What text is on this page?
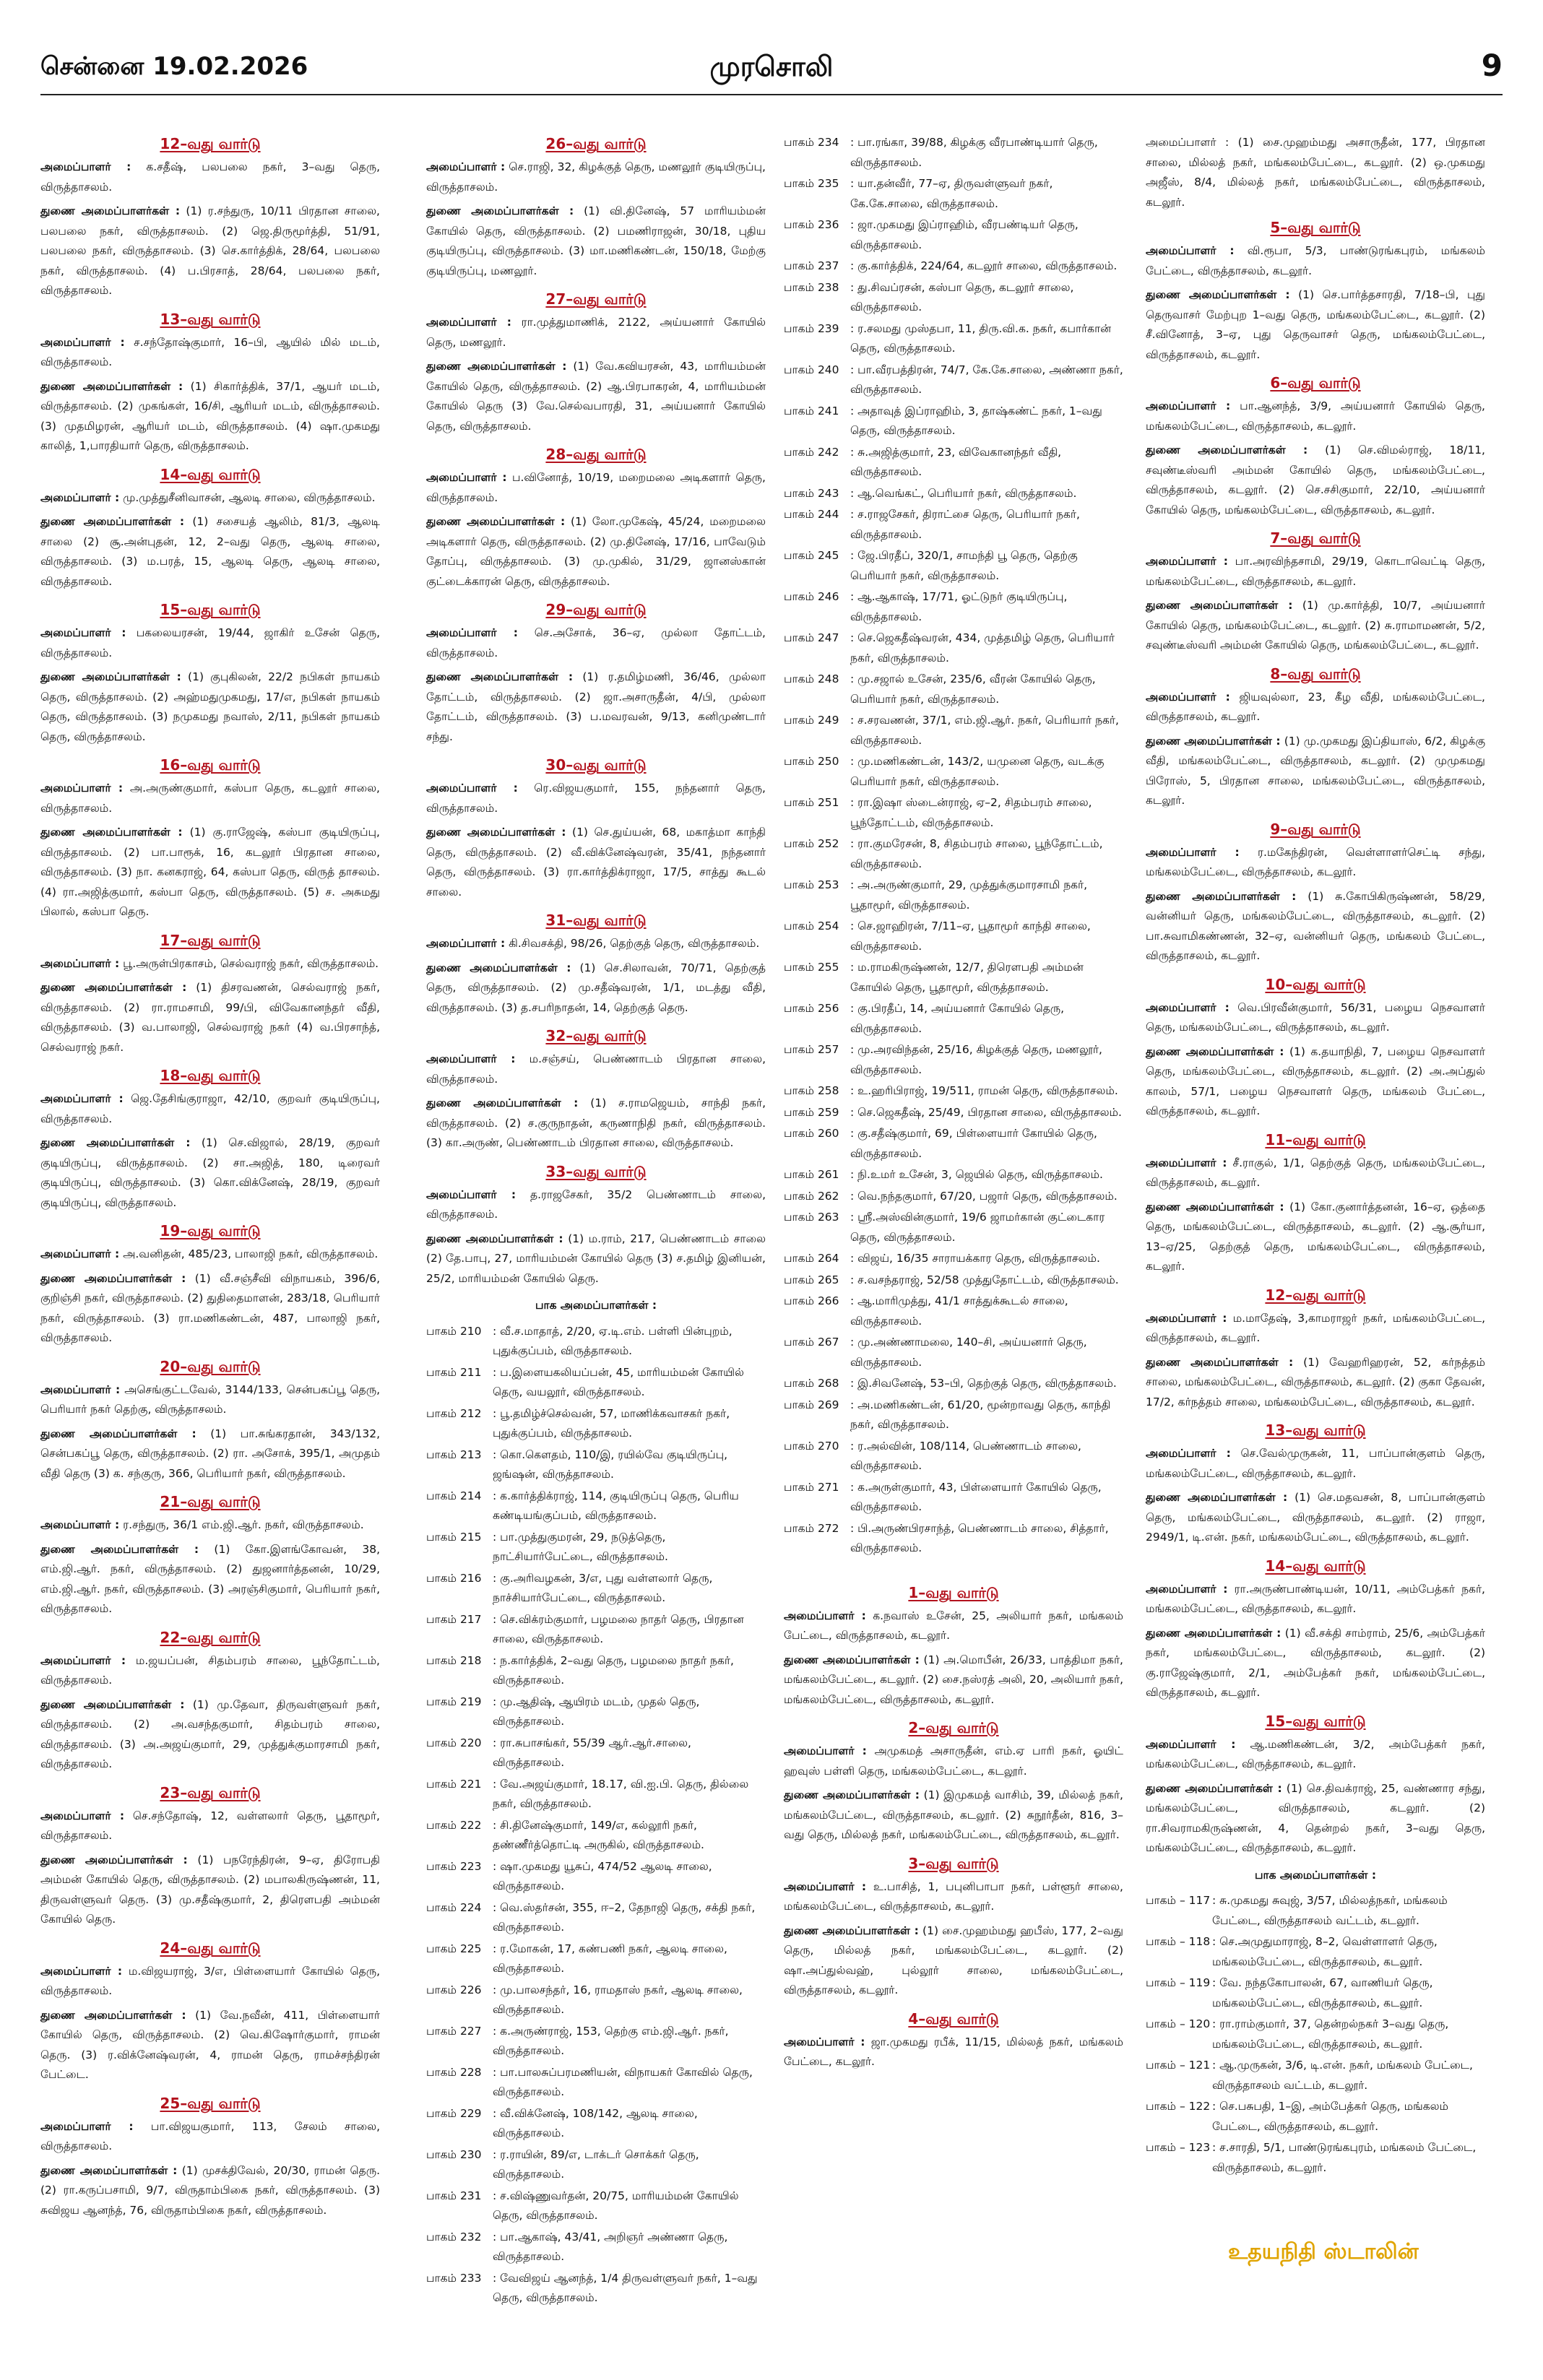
சென்னை 19.02.2026	முரசொலி	9
12–வது வார்டு
அமைப்பாளர் : க.சதீஷ், பலபலை நகர், 3–வது தெரு, விருத்தாசலம்.
துணை அமைப்பாளர்கள் : (1) ர.சந்துரு, 10/11 பிரதான சாலை, பலபலை நகர், விருத்தாசலம். (2) ஜெ.திருமூர்த்தி, 51/91, பலபலை நகர், விருத்தாசலம். (3) செ.கார்த்திக், 28/64, பலபலை நகர், விருத்தாசலம். (4) ப.பிரசாத், 28/64, பலபலை நகர், விருத்தாசலம்.
13–வது வார்டு
அமைப்பாளர் : ச.சந்தோஷ்குமார், 16–பி, ஆயில் மில் மடம், விருத்தாசலம்.
துணை அமைப்பாளர்கள் : (1) சிகார்த்திக், 37/1, ஆயர் மடம், விருத்தாசலம். (2) முகங்கள், 16/சி, ஆரியர் மடம், விருத்தாசலம். (3) முதமிழரன், ஆரியர் மடம், விருத்தாசலம். (4) ஷா.முகமது காலித், 1,பாரதியார் தெரு, விருத்தாசலம்.
14–வது வார்டு
அமைப்பாளர் : மு.முத்துசீனிவாசன், ஆலடி சாலை, விருத்தாசலம்.
துணை அமைப்பாளர்கள் : (1) சசையத் ஆலிம், 81/3, ஆலடி சாலை (2) சூ.அன்புதன், 12, 2–வது தெரு, ஆலடி சாலை, விருத்தாசலம். (3) ம.பரத், 15, ஆலடி தெரு, ஆலடி சாலை, விருத்தாசலம்.
15–வது வார்டு
அமைப்பாளர் : பகலையரசன், 19/44, ஜாகிர் உசேன் தெரு, விருத்தாசலம்.
துணை அமைப்பாளர்கள் : (1) குபுகிலன், 22/2 நபிகள் நாயகம் தெரு, விருத்தாசலம். (2) அஹ்மதுமுகமது, 17/எ, நபிகள் நாயகம் தெரு, விருத்தாசலம். (3) நமுகமது நவாஸ், 2/11, நபிகள் நாயகம் தெரு, விருத்தாசலம்.
16–வது வார்டு
அமைப்பாளர் : அ.அருண்குமார், கஸ்பா தெரு, கடலூர் சாலை, விருத்தாசலம்.
துணை அமைப்பாளர்கள் : (1) கு.ராஜேஷ், கஸ்பா குடியிருப்பு, விருத்தாசலம். (2) பா.பாரூக், 16, கடலூர் பிரதான சாலை, விருத்தாசலம். (3) நா. கனகராஜ், 64, கஸ்பா தெரு, விருத் தாசலம். (4) ரா.அஜித்குமார், கஸ்பா தெரு, விருத்தாசலம். (5) ச. அசுமது பிலால், கஸ்பா தெரு.
17–வது வார்டு
அமைப்பாளர் : பூ.அருள்பிரகாசம், செல்வராஜ் நகர், விருத்தாசலம்.
துணை அமைப்பாளர்கள் : (1) திசரவணன், செல்வராஜ் நகர், விருத்தாசலம். (2) ரா.ராமசாமி, 99/பி, விவேகானந்தர் வீதி, விருத்தாசலம். (3) வ.பாலாஜி, செல்வராஜ் நகர் (4) வ.பிரசாந்த், செல்வராஜ் நகர்.
18–வது வார்டு
அமைப்பாளர் : ஜெ.தேசிங்குராஜா, 42/10, குறவர் குடியிருப்பு, விருத்தாசலம்.
துணை அமைப்பாளர்கள் : (1) செ.விஜால், 28/19, குறவர் குடியிருப்பு, விருத்தாசலம். (2) சா.அஜித், 180, டிரைவர் குடியிருப்பு, விருத்தாசலம். (3) கொ.விக்னேஷ், 28/19, குறவர் குடியிருப்பு, விருத்தாசலம்.
19–வது வார்டு
அமைப்பாளர் : அ.வனிதன், 485/23, பாலாஜி நகர், விருத்தாசலம்.
துணை அமைப்பாளர்கள் : (1) வீ.சஞ்சீவி விநாயகம், 396/6, குறிஞ்சி நகர், விருத்தாசலம். (2) துதிதைமாளன், 283/18, பெரியார் நகர், விருத்தாசலம். (3) ரா.மணிகண்டன், 487, பாலாஜி நகர், விருத்தாசலம்.
20–வது வார்டு
அமைப்பாளர் : அசெங்குட்டவேல், 3144/133, சென்பகப்பூ தெரு, பெரியார் நகர் தெற்கு, விருத்தாசலம்.
துணை அமைப்பாளர்கள் : (1) பா.சுங்கரதான், 343/132, சென்பகப்பூ தெரு, விருத்தாசலம். (2) ரா. அசோக், 395/1, அமுதம் வீதி தெரு (3) க. சந்குரு, 366, பெரியார் நகர், விருத்தாசலம்.
21–வது வார்டு
அமைப்பாளர் : ர.சந்துரு, 36/1 எம்.ஜி.ஆர். நகர், விருத்தாசலம்.
துணை அமைப்பாளர்கள் : (1) கோ.இளங்கோவன், 38, எம்.ஜி.ஆர். நகர், விருத்தாசலம். (2) துஜனார்த்தனன், 10/29, எம்.ஜி.ஆர். நகர், விருத்தாசலம். (3) அரஞ்சிகுமார், பெரியார் நகர், விருத்தாசலம்.
22–வது வார்டு
அமைப்பாளர் : ம.ஜயப்பன், சிதம்பரம் சாலை, பூந்தோட்டம், விருத்தாசலம்.
துணை அமைப்பாளர்கள் : (1) மு.தேவா, திருவள்ளுவர் நகர், விருத்தாசலம். (2) அ.வசந்தகுமார், சிதம்பரம் சாலை, விருத்தாசலம். (3) அ.அஜய்குமார், 29, முத்துக்குமாரசாமி நகர், விருத்தாசலம்.
23–வது வார்டு
அமைப்பாளர் : செ.சந்தோஷ், 12, வள்ளலார் தெரு, பூதாமூர், விருத்தாசலம்.
துணை அமைப்பாளர்கள் : (1) பநரேந்திரன், 9–ஏ, திரோபதி அம்மன் கோயில் தெரு, விருத்தாசலம். (2) மபாலகிருஷ்ணன், 11, திருவள்ளுவர் தெரு. (3) மு.சதீஷ்குமார், 2, திரௌபதி அம்மன் கோயில் தெரு.
24–வது வார்டு
அமைப்பாளர் : ம.விஜயராஜ், 3/எ, பிள்ளையார் கோயில் தெரு, விருத்தாசலம்.
துணை அமைப்பாளர்கள் : (1) வே.நவீன், 411, பிள்ளையார் கோயில் தெரு, விருத்தாசலம். (2) வெ.கிஷோர்குமார், ராமன் தெரு. (3) ர.விக்னேஷ்வரன், 4, ராமன் தெரு, ராமச்சந்திரன் பேட்டை.
25–வது வார்டு
அமைப்பாளர் : பா.விஜயகுமார், 113, சேலம் சாலை, விருத்தாசலம்.
துணை அமைப்பாளர்கள் : (1) முசக்திவேல், 20/30, ராமன் தெரு. (2) ரா.கருப்பசாமி, 9/7, விருதாம்பிகை நகர், விருத்தாசலம். (3) சுவிஜய ஆனந்த், 76, விருதாம்பிகை நகர், விருத்தாசலம்.
26–வது வார்டு
அமைப்பாளர் : செ.ராஜி, 32, கிழக்குத் தெரு, மணலூர் குடியிருப்பு, விருத்தாசலம்.
துணை அமைப்பாளர்கள் : (1) வி.தினேஷ், 57 மாரியம்மன் கோயில் தெரு, விருத்தாசலம். (2) பமணிராஜன், 30/18, புதிய குடியிருப்பு, விருத்தாசலம். (3) மா.மணிகண்டன், 150/18, மேற்கு குடியிருப்பு, மணலூர்.
27–வது வார்டு
அமைப்பாளர் : ரா.முத்துமாணிக், 2122, அய்யனார் கோயில் தெரு, மணலூர்.
துணை அமைப்பாளர்கள் : (1) வே.கவியரசன், 43, மாரியம்மன் கோயில் தெரு, விருத்தாசலம். (2) ஆ.பிரபாகரன், 4, மாரியம்மன் கோயில் தெரு (3) வே.செல்வபாரதி, 31, அய்யனார் கோயில் தெரு, விருத்தாசலம்.
28–வது வார்டு
அமைப்பாளர் : ப.வினோத், 10/19, மறைமலை அடிகளார் தெரு, விருத்தாசலம்.
துணை அமைப்பாளர்கள் : (1) லோ.முகேஷ், 45/24, மறைமலை அடிகளார் தெரு, விருத்தாசலம். (2) மு.தினேஷ், 17/16, பாவேடும் தோப்பு, விருத்தாசலம். (3) மு.முகில், 31/29, ஜானஸ்கான் குட்டைக்காரன் தெரு, விருத்தாசலம்.
29–வது வார்டு
அமைப்பாளர் : செ.அசோக், 36–ஏ, முல்லா தோட்டம், விருத்தாசலம்.
துணை அமைப்பாளர்கள் : (1) ர.தமிழ்மணி, 36/46, முல்லா தோட்டம், விருத்தாசலம். (2) ஜா.அசாருதீன், 4/பி, முல்லா தோட்டம், விருத்தாசலம். (3) ப.மவரவன், 9/13, கனிமுண்டார் சந்து.
30–வது வார்டு
அமைப்பாளர் : ரெ.விஜயகுமார், 155, நந்தனார் தெரு, விருத்தாசலம்.
துணை அமைப்பாளர்கள் : (1) செ.துய்யன், 68, மகாத்மா காந்தி தெரு, விருத்தாசலம். (2) வீ.விக்னேஷ்வரன், 35/41, நந்தனார் தெரு, விருத்தாசலம். (3) ரா.கார்த்திக்ராஜா, 17/5, சாத்து கூடல் சாலை.
31–வது வார்டு
அமைப்பாளர் : கி.சிவசக்தி, 98/26, தெற்குத் தெரு, விருத்தாசலம்.
துணை அமைப்பாளர்கள் : (1) செ.சிலாவன், 70/71, தெற்குத் தெரு, விருத்தாசலம். (2) மு.சதீஷ்வரன், 1/1, மடத்து வீதி, விருத்தாசலம். (3) த.சபரிநாதன், 14, தெற்குத் தெரு.
32–வது வார்டு
அமைப்பாளர் : ம.சஞ்சய், பெண்ணாடம் பிரதான சாலை, விருத்தாசலம்.
துணை அமைப்பாளர்கள் : (1) ச.ராமஜெயம், சாந்தி நகர், விருத்தாசலம். (2) ச.குருநாதன், கருணாநிதி நகர், விருத்தாசலம். (3) கா.அருண், பெண்ணாடம் பிரதான சாலை, விருத்தாசலம்.
33–வது வார்டு
அமைப்பாளர் : த.ராஜசேகர், 35/2 பெண்ணாடம் சாலை, விருத்தாசலம்.
துணை அமைப்பாளர்கள் : (1) ம.ராம், 217, பெண்ணாடம் சாலை (2) தே.பாபு, 27, மாரியம்மன் கோயில் தெரு (3) ச.தமிழ் இனியன், 25/2, மாரியம்மன் கோயில் தெரு.
பாக அமைப்பாளர்கள் :
பாகம் 210 : வீ.ச.மாதாத், 2/20, ஏ.டி.எம். பள்ளி பின்புறம், புதுக்குப்பம், விருத்தாசலம்.
பாகம் 211 : ப.இளையகலியப்பன், 45, மாரியம்மன் கோயில் தெரு, வயலூர், விருத்தாசலம்.
பாகம் 212 : பூ.தமிழ்ச்செல்வன், 57, மாணிக்கவாசகர் நகர், புதுக்குப்பம், விருத்தாசலம்.
பாகம் 213 : கொ.கௌதம், 110/இ, ரயில்வே குடியிருப்பு, ஜங்ஷன், விருத்தாசலம்.
பாகம் 214 : க.கார்த்திக்ராஜ், 114, குடியிருப்பு தெரு, பெரிய கண்டியங்குப்பம், விருத்தாசலம்.
பாகம் 215 : பா.முத்துகுமரன், 29, நடுத்தெரு, நாட்சியார்பேட்டை, விருத்தாசலம்.
பாகம் 216 : கு.அரிவழகன், 3/எ, புது வள்ளலார் தெரு, நாச்சியார்பேட்டை, விருத்தாசலம்.
பாகம் 217 : செ.விக்ரம்குமார், பழமலை நாதர் தெரு, பிரதான சாலை, விருத்தாசலம்.
பாகம் 218 : ந.கார்த்திக், 2–வது தெரு, பழமலை நாதர் நகர், விருத்தாசலம்.
பாகம் 219 : மு.ஆதிஷ், ஆயிரம் மடம், முதல் தெரு, விருத்தாசலம்.
பாகம் 220 : ரா.சுபாசங்கர், 55/39 ஆர்.ஆர்.சாலை, விருத்தாசலம்.
பாகம் 221 : வே.அஜய்குமார், 18.17, வி.ஐ.பி. தெரு, தில்லை நகர், விருத்தாசலம்.
பாகம் 222 : சி.தினேஷ்குமார், 149/எ, கல்லூரி நகர், தண்ணீர்த்தொட்டி அருகில், விருத்தாசலம்.
பாகம் 223 : ஷா.முகமது யூசுப், 474/52 ஆலடி சாலை, விருத்தாசலம்.
பாகம் 224 : வெ.ஸ்தர்சன், 355, ஈ–2, தேநாஜி தெரு, சக்தி நகர், விருத்தாசலம்.
பாகம் 225 : ர.மோகன், 17, கண்பணி நகர், ஆலடி சாலை, விருத்தாசலம்.
பாகம் 226 : மு.பாலசந்தர், 16, ராமதாஸ் நகர், ஆலடி சாலை, விருத்தாசலம்.
பாகம் 227 : க.அருண்ராஜ், 153, தெற்கு எம்.ஜி.ஆர். நகர், விருத்தாசலம்.
பாகம் 228 : பா.பாலசுப்பரமணியன், விநாயகர் கோவில் தெரு, விருத்தாசலம்.
பாகம் 229 : வீ.விக்னேஷ், 108/142, ஆலடி சாலை, விருத்தாசலம்.
பாகம் 230 : ர.ராயின், 89/எ, டாக்டர் சொக்கர் தெரு, விருத்தாசலம்.
பாகம் 231 : ச.விஷ்ணுவர்தன், 20/75, மாரியம்மன் கோயில் தெரு, விருத்தாசலம்.
பாகம் 232 : பா.ஆகாஷ், 43/41, அறிஞர் அண்ணா தெரு, விருத்தாசலம்.
பாகம் 233 : வேவிஜய் ஆனந்த், 1/4 திருவள்ளுவர் நகர், 1–வது தெரு, விருத்தாசலம்.
பாகம் 234 : பா.ரங்கா, 39/88, கிழக்கு வீரபாண்டியார் தெரு, விருத்தாசலம்.
பாகம் 235 : யா.தன்வீர், 77–ஏ, திருவள்ளுவர் நகர், கே.கே.சாலை, விருத்தாசலம்.
பாகம் 236 : ஜா.முகமது இப்ராஹிம், வீரபண்டியர் தெரு, விருத்தாசலம்.
பாகம் 237 : கு.கார்த்திக், 224/64, கடலூர் சாலை, விருத்தாசலம்.
பாகம் 238 : து.சிவப்ரசன், கஸ்பா தெரு, கடலூர் சாலை, விருத்தாசலம்.
பாகம் 239 : ர.சலமது முஸ்தபா, 11, திரு.வி.க. நகர், கபார்கான் தெரு, விருத்தாசலம்.
பாகம் 240 : பா.வீரபத்திரன், 74/7, கே.கே.சாலை, அண்ணா நகர், விருத்தாசலம்.
பாகம் 241 : அதாவுத் இப்ராஹிம், 3, தாஷ்கண்ட் நகர், 1–வது தெரு, விருத்தாசலம்.
பாகம் 242 : சு.அஜித்குமார், 23, விவேகானந்தர் வீதி, விருத்தாசலம்.
பாகம் 243 : ஆ.வெங்கட், பெரியார் நகர், விருத்தாசலம்.
பாகம் 244 : ச.ராஜசேகர், திராட்சை தெரு, பெரியார் நகர், விருத்தாசலம்.
பாகம் 245 : ஜே.பிரதீப், 320/1, சாமந்தி பூ தெரு, தெற்கு பெரியார் நகர், விருத்தாசலம்.
பாகம் 246 : ஆ.ஆகாஷ், 17/71, ஓட்டுநர் குடியிருப்பு, விருத்தாசலம்.
பாகம் 247 : செ.ஜெகதீஷ்வரன், 434, முத்தமிழ் தெரு, பெரியார் நகர், விருத்தாசலம்.
பாகம் 248 : மு.சஜால் உசேன், 235/6, வீரன் கோயில் தெரு, பெரியார் நகர், விருத்தாசலம்.
பாகம் 249 : ச.சரவணன், 37/1, எம்.ஜி.ஆர். நகர், பெரியார் நகர், விருத்தாசலம்.
பாகம் 250 : மு.மணிகண்டன், 143/2, யமுனை தெரு, வடக்கு பெரியார் நகர், விருத்தாசலம்.
பாகம் 251 : ரா.இஷா ஸ்டைன்ராஜ், ஏ–2, சிதம்பரம் சாலை, பூந்தோட்டம், விருத்தாசலம்.
பாகம் 252 : ரா.குமரேசன், 8, சிதம்பரம் சாலை, பூந்தோட்டம், விருத்தாசலம்.
பாகம் 253 : அ.அருண்குமார், 29, முத்துக்குமாரசாமி நகர், பூதாமூர், விருத்தாசலம்.
பாகம் 254 : செ.ஜாஹிரன், 7/11–ஏ, பூதாமூர் காந்தி சாலை, விருத்தாசலம்.
பாகம் 255 : ம.ராமகிருஷ்ணன், 12/7, திரௌபதி அம்மன் கோயில் தெரு, பூதாமூர், விருத்தாசலம்.
பாகம் 256 : கு.பிரதீப், 14, அய்யனார் கோயில் தெரு, விருத்தாசலம்.
பாகம் 257 : மு.அரவிந்தன், 25/16, கிழக்குத் தெரு, மணலூர், விருத்தாசலம்.
பாகம் 258 : உ.ஹரிபிராஜ், 19/511, ராமன் தெரு, விருத்தாசலம்.
பாகம் 259 : செ.ஜெகதீஷ், 25/49, பிரதான சாலை, விருத்தாசலம்.
பாகம் 260 : கு.சதீஷ்குமார், 69, பிள்ளையார் கோயில் தெரு, விருத்தாசலம்.
பாகம் 261 : நி.உமர் உசேன், 3, ஜெயில் தெரு, விருத்தாசலம்.
பாகம் 262 : வெ.நந்தகுமார், 67/20, பஜார் தெரு, விருத்தாசலம்.
பாகம் 263 : ஸ்ரீ.அஸ்வின்குமார், 19/6 ஜாமர்கான் குட்டைகார தெரு, விருத்தாசலம்.
பாகம் 264 : விஜய், 16/35 சாராயக்கார தெரு, விருத்தாசலம்.
பாகம் 265 : ச.வசந்தராஜ், 52/58 முத்துதோட்டம், விருத்தாசலம்.
பாகம் 266 : ஆ.மாரிமுத்து, 41/1 சாத்துக்கூடல் சாலை, விருத்தாசலம்.
பாகம் 267 : மு.அண்ணாமலை, 140–சி, அய்யனார் தெரு, விருத்தாசலம்.
பாகம் 268 : இ.சிவனேஷ், 53–பி, தெற்குத் தெரு, விருத்தாசலம்.
பாகம் 269 : அ.மணிகண்டன், 61/20, மூன்றாவது தெரு, காந்தி நகர், விருத்தாசலம்.
பாகம் 270 : ர.அல்வின், 108/114, பெண்ணாடம் சாலை, விருத்தாசலம்.
பாகம் 271 : க.அருள்குமார், 43, பிள்ளையார் கோயில் தெரு, விருத்தாசலம்.
பாகம் 272 : பி.அருண்பிரசாந்த், பெண்ணாடம் சாலை, சித்தார், விருத்தாசலம்.
1–வது வார்டு
அமைப்பாளர் : க.நவாஸ் உசேன், 25, அலியார் நகர், மங்கலம் பேட்டை, விருத்தாசலம், கடலூர்.
துணை அமைப்பாளர்கள் : (1) அ.மொபீன், 26/33, பாத்திமா நகர், மங்கலம்பேட்டை, கடலூர். (2) சை.நஸ்ரத் அலி, 20, அலியார் நகர், மங்கலம்பேட்டை, விருத்தாசலம், கடலூர்.
2–வது வார்டு
அமைப்பாளர் : அமுகமத் அசாருதீன், எம்.ஏ பாரி நகர், ஓயிட் ஹவுஸ் பள்ளி தெரு, மங்கலம்பேட்டை, கடலூர்.
துணை அமைப்பாளர்கள் : (1) இமுகமத் வாசிம், 39, மில்லத் நகர், மங்கலம்பேட்டை, விருத்தாசலம், கடலூர். (2) சுநூர்தீன், 816, 3–வது தெரு, மில்லத் நகர், மங்கலம்பேட்டை, விருத்தாசலம், கடலூர்.
3–வது வார்டு
அமைப்பாளர் : உ.பாசித், 1, பபுனிபாபா நகர், பள்ளூர் சாலை, மங்கலம்பேட்டை, விருத்தாசலம், கடலூர்.
துணை அமைப்பாளர்கள் : (1) சை.முஹம்மது ஹபீஸ், 177, 2–வது தெரு, மில்லத் நகர், மங்கலம்பேட்டை, கடலூர். (2) ஷா.அப்துல்வஹ், புல்லூர் சாலை, மங்கலம்பேட்டை, விருத்தாசலம், கடலூர்.
4–வது வார்டு
அமைப்பாளர் : ஜா.முகமது ரபீக், 11/15, மில்லத் நகர், மங்கலம் பேட்டை, கடலூர்.
அமைப்பாளர் : (1) சை.முஹம்மது அசாருதீன், 177, பிரதான சாலை, மில்லத் நகர், மங்கலம்பேட்டை, கடலூர். (2) ஒ.முகமது அஜீஸ், 8/4, மில்லத் நகர், மங்கலம்பேட்டை, விருத்தாசலம், கடலூர்.
5–வது வார்டு
அமைப்பாளர் : வி.ரூபா, 5/3, பாண்டுரங்கபுரம், மங்கலம் பேட்டை, விருத்தாசலம், கடலூர்.
துணை அமைப்பாளர்கள் : (1) செ.பார்த்தசாரதி, 7/18–பி, புது தெருவாசர் மேற்புற 1–வது தெரு, மங்கலம்பேட்டை, கடலூர். (2) சீ.வினோத், 3–ஏ, புது தெருவாசர் தெரு, மங்கலம்பேட்டை, விருத்தாசலம், கடலூர்.
6–வது வார்டு
அமைப்பாளர் : பா.ஆனந்த், 3/9, அய்யனார் கோயில் தெரு, மங்கலம்பேட்டை, விருத்தாசலம், கடலூர்.
துணை அமைப்பாளர்கள் : (1) செ.விமல்ராஜ், 18/11, சவுண்டீஸ்வரி அம்மன் கோயில் தெரு, மங்கலம்பேட்டை, விருத்தாசலம், கடலூர். (2) செ.சசிகுமார், 22/10, அய்யனார் கோயில் தெரு, மங்கலம்பேட்டை, விருத்தாசலம், கடலூர்.
7–வது வார்டு
அமைப்பாளர் : பா.அரவிந்தசாமி, 29/19, கொடாவெட்டி தெரு, மங்கலம்பேட்டை, விருத்தாசலம், கடலூர்.
துணை அமைப்பாளர்கள் : (1) மு.கார்த்தி, 10/7, அய்யனார் கோயில் தெரு, மங்கலம்பேட்டை, கடலூர். (2) சு.ராமாமணன், 5/2, சவுண்டீஸ்வரி அம்மன் கோயில் தெரு, மங்கலம்பேட்டை, கடலூர்.
8–வது வார்டு
அமைப்பாளர் : ஜியவுல்லா, 23, கீழ வீதி, மங்கலம்பேட்டை, விருத்தாசலம், கடலூர்.
துணை அமைப்பாளர்கள் : (1) மு.முகமது இப்தியாஸ், 6/2, கிழக்கு வீதி, மங்கலம்பேட்டை, விருத்தாசலம், கடலூர். (2) முமுகமது பிரோஸ், 5, பிரதான சாலை, மங்கலம்பேட்டை, விருத்தாசலம், கடலூர்.
9–வது வார்டு
அமைப்பாளர் : ர.மகேந்திரன், வெள்ளாளர்செட்டி சந்து, மங்கலம்பேட்டை, விருத்தாசலம், கடலூர்.
துணை அமைப்பாளர்கள் : (1) சு.கோபிகிருஷ்ணன், 58/29, வன்னியர் தெரு, மங்கலம்பேட்டை, விருத்தாசலம், கடலூர். (2) பா.சுவாமிகண்ணன், 32–ஏ, வன்னியர் தெரு, மங்கலம் பேட்டை, விருத்தாசலம், கடலூர்.
10–வது வார்டு
அமைப்பாளர் : வெ.பிரவீன்குமார், 56/31, பழைய நெசவாளர் தெரு, மங்கலம்பேட்டை, விருத்தாசலம், கடலூர்.
துணை அமைப்பாளர்கள் : (1) க.தயாநிதி, 7, பழைய நெசவாளர் தெரு, மங்கலம்பேட்டை, விருத்தாசலம், கடலூர். (2) அ.அப்துல் காலம், 57/1, பழைய நெசவாளர் தெரு, மங்கலம் பேட்டை, விருத்தாசலம், கடலூர்.
11–வது வார்டு
அமைப்பாளர் : சீ.ராகுல், 1/1, தெற்குத் தெரு, மங்கலம்பேட்டை, விருத்தாசலம், கடலூர்.
துணை அமைப்பாளர்கள் : (1) கோ.குனார்த்தனன், 16–ஏ, ஒத்தை தெரு, மங்கலம்பேட்டை, விருத்தாசலம், கடலூர். (2) ஆ.சூர்யா, 13–ஏ/25, தெற்குத் தெரு, மங்கலம்பேட்டை, விருத்தாசலம், கடலூர்.
12–வது வார்டு
அமைப்பாளர் : ம.மாதேஷ், 3,காமராஜர் நகர், மங்கலம்பேட்டை, விருத்தாசலம், கடலூர்.
துணை அமைப்பாளர்கள் : (1) வேஹரிஹரன், 52, கர்நத்தம் சாலை, மங்கலம்பேட்டை, விருத்தாசலம், கடலூர். (2) குகா தேவன், 17/2, கர்நத்தம் சாலை, மங்கலம்பேட்டை, விருத்தாசலம், கடலூர்.
13–வது வார்டு
அமைப்பாளர் : செ.வேல்முருகன், 11, பாப்பான்குளம் தெரு, மங்கலம்பேட்டை, விருத்தாசலம், கடலூர்.
துணை அமைப்பாளர்கள் : (1) செ.மதவசன், 8, பாப்பான்குளம் தெரு, மங்கலம்பேட்டை, விருத்தாசலம், கடலூர். (2) ராஜா, 2949/1, டி.என். நகர், மங்கலம்பேட்டை, விருத்தாசலம், கடலூர்.
14–வது வார்டு
அமைப்பாளர் : ரா.அருண்பாண்டியன், 10/11, அம்பேத்கர் நகர், மங்கலம்பேட்டை, விருத்தாசலம், கடலூர்.
துணை அமைப்பாளர்கள் : (1) வீ.சக்தி சாம்ராம், 25/6, அம்பேத்கர் நகர், மங்கலம்பேட்டை, விருத்தாசலம், கடலூர். (2) கு.ராஜேஷ்குமார், 2/1, அம்பேத்கர் நகர், மங்கலம்பேட்டை, விருத்தாசலம், கடலூர்.
15–வது வார்டு
அமைப்பாளர் : ஆ.மணிகண்டன், 3/2, அம்பேத்கர் நகர், மங்கலம்பேட்டை, விருத்தாசலம், கடலூர்.
துணை அமைப்பாளர்கள் : (1) செ.திவக்ராஜ், 25, வண்ணார சந்து, மங்கலம்பேட்டை, விருத்தாசலம், கடலூர். (2) ரா.சிவராமகிருஷ்ணன், 4, தென்றல் நகர், 3–வது தெரு, மங்கலம்பேட்டை, விருத்தாசலம், கடலூர்.
பாக அமைப்பாளர்கள் :
பாகம் – 117 : சு.முகமது சுவுஜ், 3/57, மில்லத்நகர், மங்கலம் பேட்டை, விருத்தாசலம் வட்டம், கடலூர்.
பாகம் – 118 : செ.அமுதுமாராஜ், 8–2, வெள்ளாளர் தெரு, மங்கலம்பேட்டை, விருத்தாசலம், கடலூர்.
பாகம் – 119 : வே. நந்தகோபாலன், 67, வாணியர் தெரு, மங்கலம்பேட்டை, விருத்தாசலம், கடலூர்.
பாகம் – 120 : ரா.ராம்குமார், 37, தென்றல்நகர் 3–வது தெரு, மங்கலம்பேட்டை, விருத்தாசலம், கடலூர்.
பாகம் – 121 : ஆ.முருகன், 3/6, டி.என். நகர், மங்கலம் பேட்டை, விருத்தாசலம் வட்டம், கடலூர்.
பாகம் – 122 : செ.பசுபதி, 1–இ, அம்பேத்கர் தெரு, மங்கலம் பேட்டை, விருத்தாசலம், கடலூர்.
பாகம் – 123 : ச.சாரதி, 5/1, பாண்டுரங்கபுரம், மங்கலம் பேட்டை, விருத்தாசலம், கடலூர்.
உதயநிதி ஸ்டாலின்
